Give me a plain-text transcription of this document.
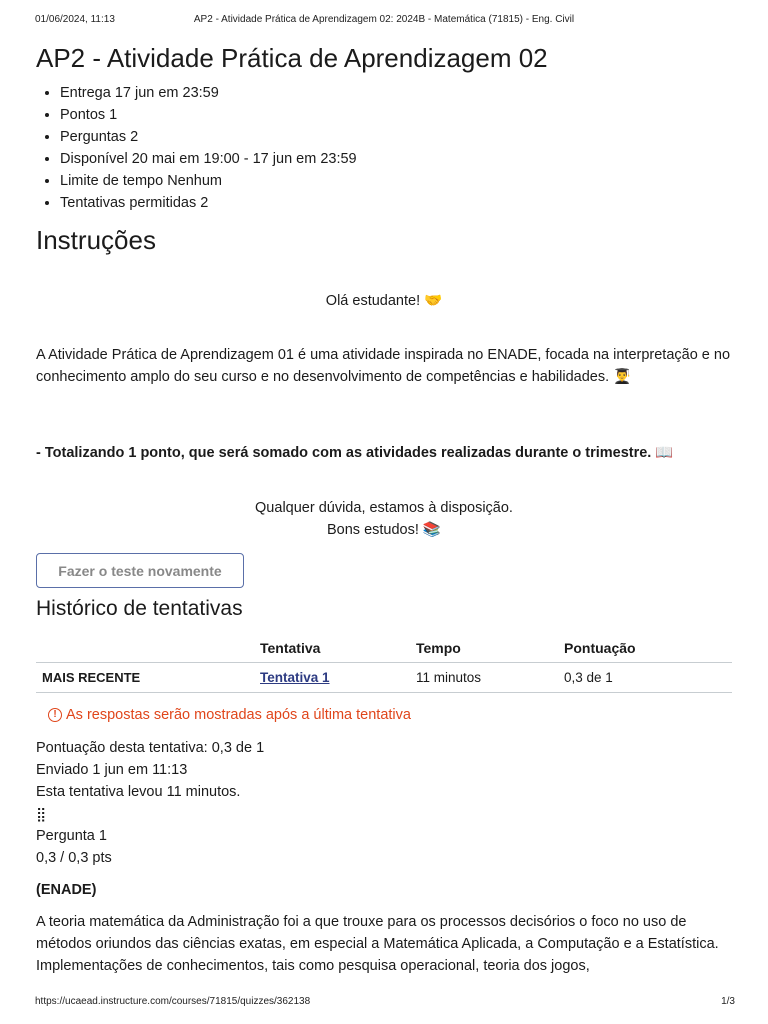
01/06/2024, 11:13	AP2 - Atividade Prática de Aprendizagem 02: 2024B - Matemática (71815) - Eng. Civil
AP2 - Atividade Prática de Aprendizagem 02
• Entrega 17 jun em 23:59
• Pontos 1
• Perguntas 2
• Disponível 20 mai em 19:00 - 17 jun em 23:59
• Limite de tempo Nenhum
• Tentativas permitidas 2
Instruções
Olá estudante! 🤝
A Atividade Prática de Aprendizagem 01 é uma atividade inspirada no ENADE, focada na interpretação e no conhecimento amplo do seu curso e no desenvolvimento de competências e habilidades. 👨‍🎓
- Totalizando 1 ponto, que será somado com as atividades realizadas durante o trimestre. 📖
Qualquer dúvida, estamos à disposição.
Bons estudos! 📚
Fazer o teste novamente
Histórico de tentativas
	Tentativa	Tempo	Pontuação
MAIS RECENTE	Tentativa 1	11 minutos	0,3 de 1
! As respostas serão mostradas após a última tentativa
Pontuação desta tentativa: 0,3 de 1
Enviado 1 jun em 11:13
Esta tentativa levou 11 minutos.
⣿
Pergunta 1
0,3 / 0,3 pts
(ENADE)
A teoria matemática da Administração foi a que trouxe para os processos decisórios o foco no uso de métodos oriundos das ciências exatas, em especial a Matemática Aplicada, a Computação e a Estatística. Implementações de conhecimentos, tais como pesquisa operacional, teoria dos jogos,
https://ucaead.instructure.com/courses/71815/quizzes/362138	1/3
